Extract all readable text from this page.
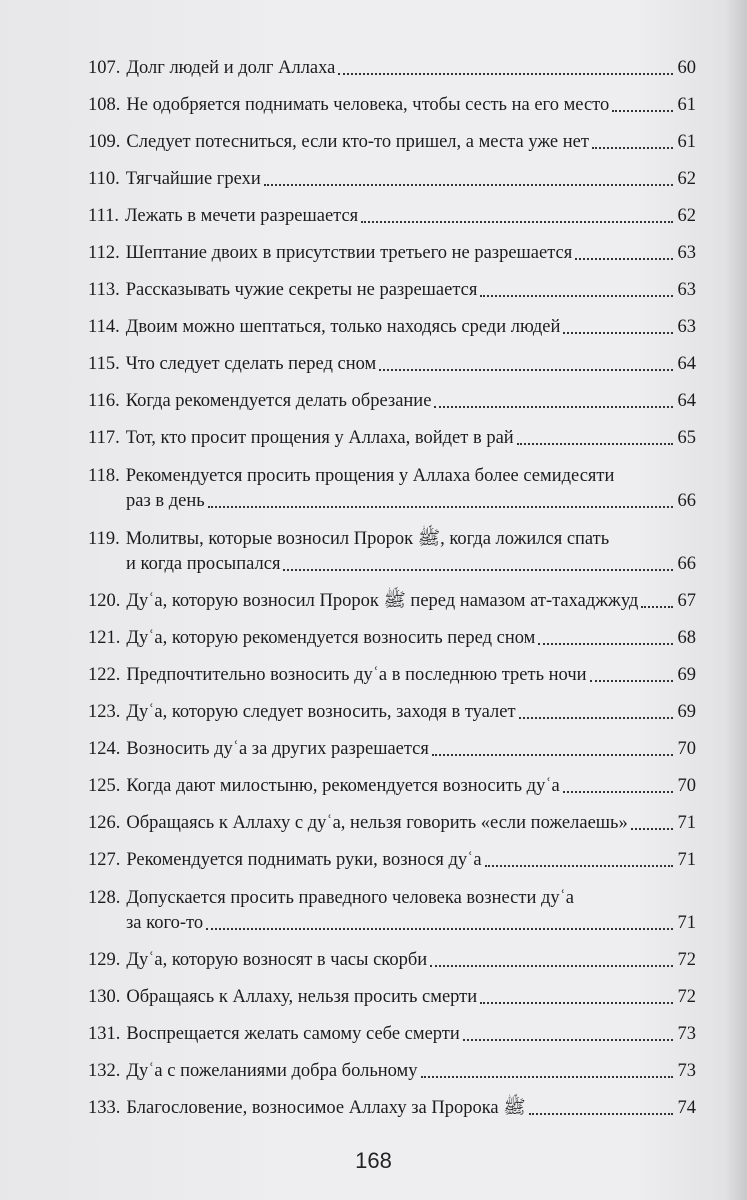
107. Долг людей и долг Аллаха	60
108. Не одобряется поднимать человека, чтобы сесть на его место	61
109. Следует потесниться, если кто-то пришел, а места уже нет	61
110. Тягчайшие грехи	62
111. Лежать в мечети разрешается	62
112. Шептание двоих в присутствии третьего не разрешается	63
113. Рассказывать чужие секреты не разрешается	63
114. Двоим можно шептаться, только находясь среди людей	63
115. Что следует сделать перед сном	64
116. Когда рекомендуется делать обрезание	64
117. Тот, кто просит прощения у Аллаха, войдет в рай	65
118. Рекомендуется просить прощения у Аллаха более семидесяти
раз в день	66
119. Молитвы, которые возносил Пророк ﷺ, когда ложился спать
и когда просыпался	66
120. Дуʿа, которую возносил Пророк ﷺ перед намазом ат-тахаджжуд 67
121. Дуʿа, которую рекомендуется возносить перед сном	68
122. Предпочтительно возносить дуʿа в последнюю треть ночи	69
123. Дуʿа, которую следует возносить, заходя в туалет	69
124. Возносить дуʿа за других разрешается	70
125. Когда дают милостыню, рекомендуется возносить дуʿа	70
126. Обращаясь к Аллаху с дуʿа, нельзя говорить «если пожелаешь»	71
127. Рекомендуется поднимать руки, вознося дуʿа	71
128. Допускается просить праведного человека вознести дуʿа
за кого-то	71
129. Дуʿа, которую возносят в часы скорби	72
130. Обращаясь к Аллаху, нельзя просить смерти	72
131. Воспрещается желать самому себе смерти	73
132. Дуʿа с пожеланиями добра больному	73
133. Благословение, возносимое Аллаху за Пророка ﷺ	74
168
